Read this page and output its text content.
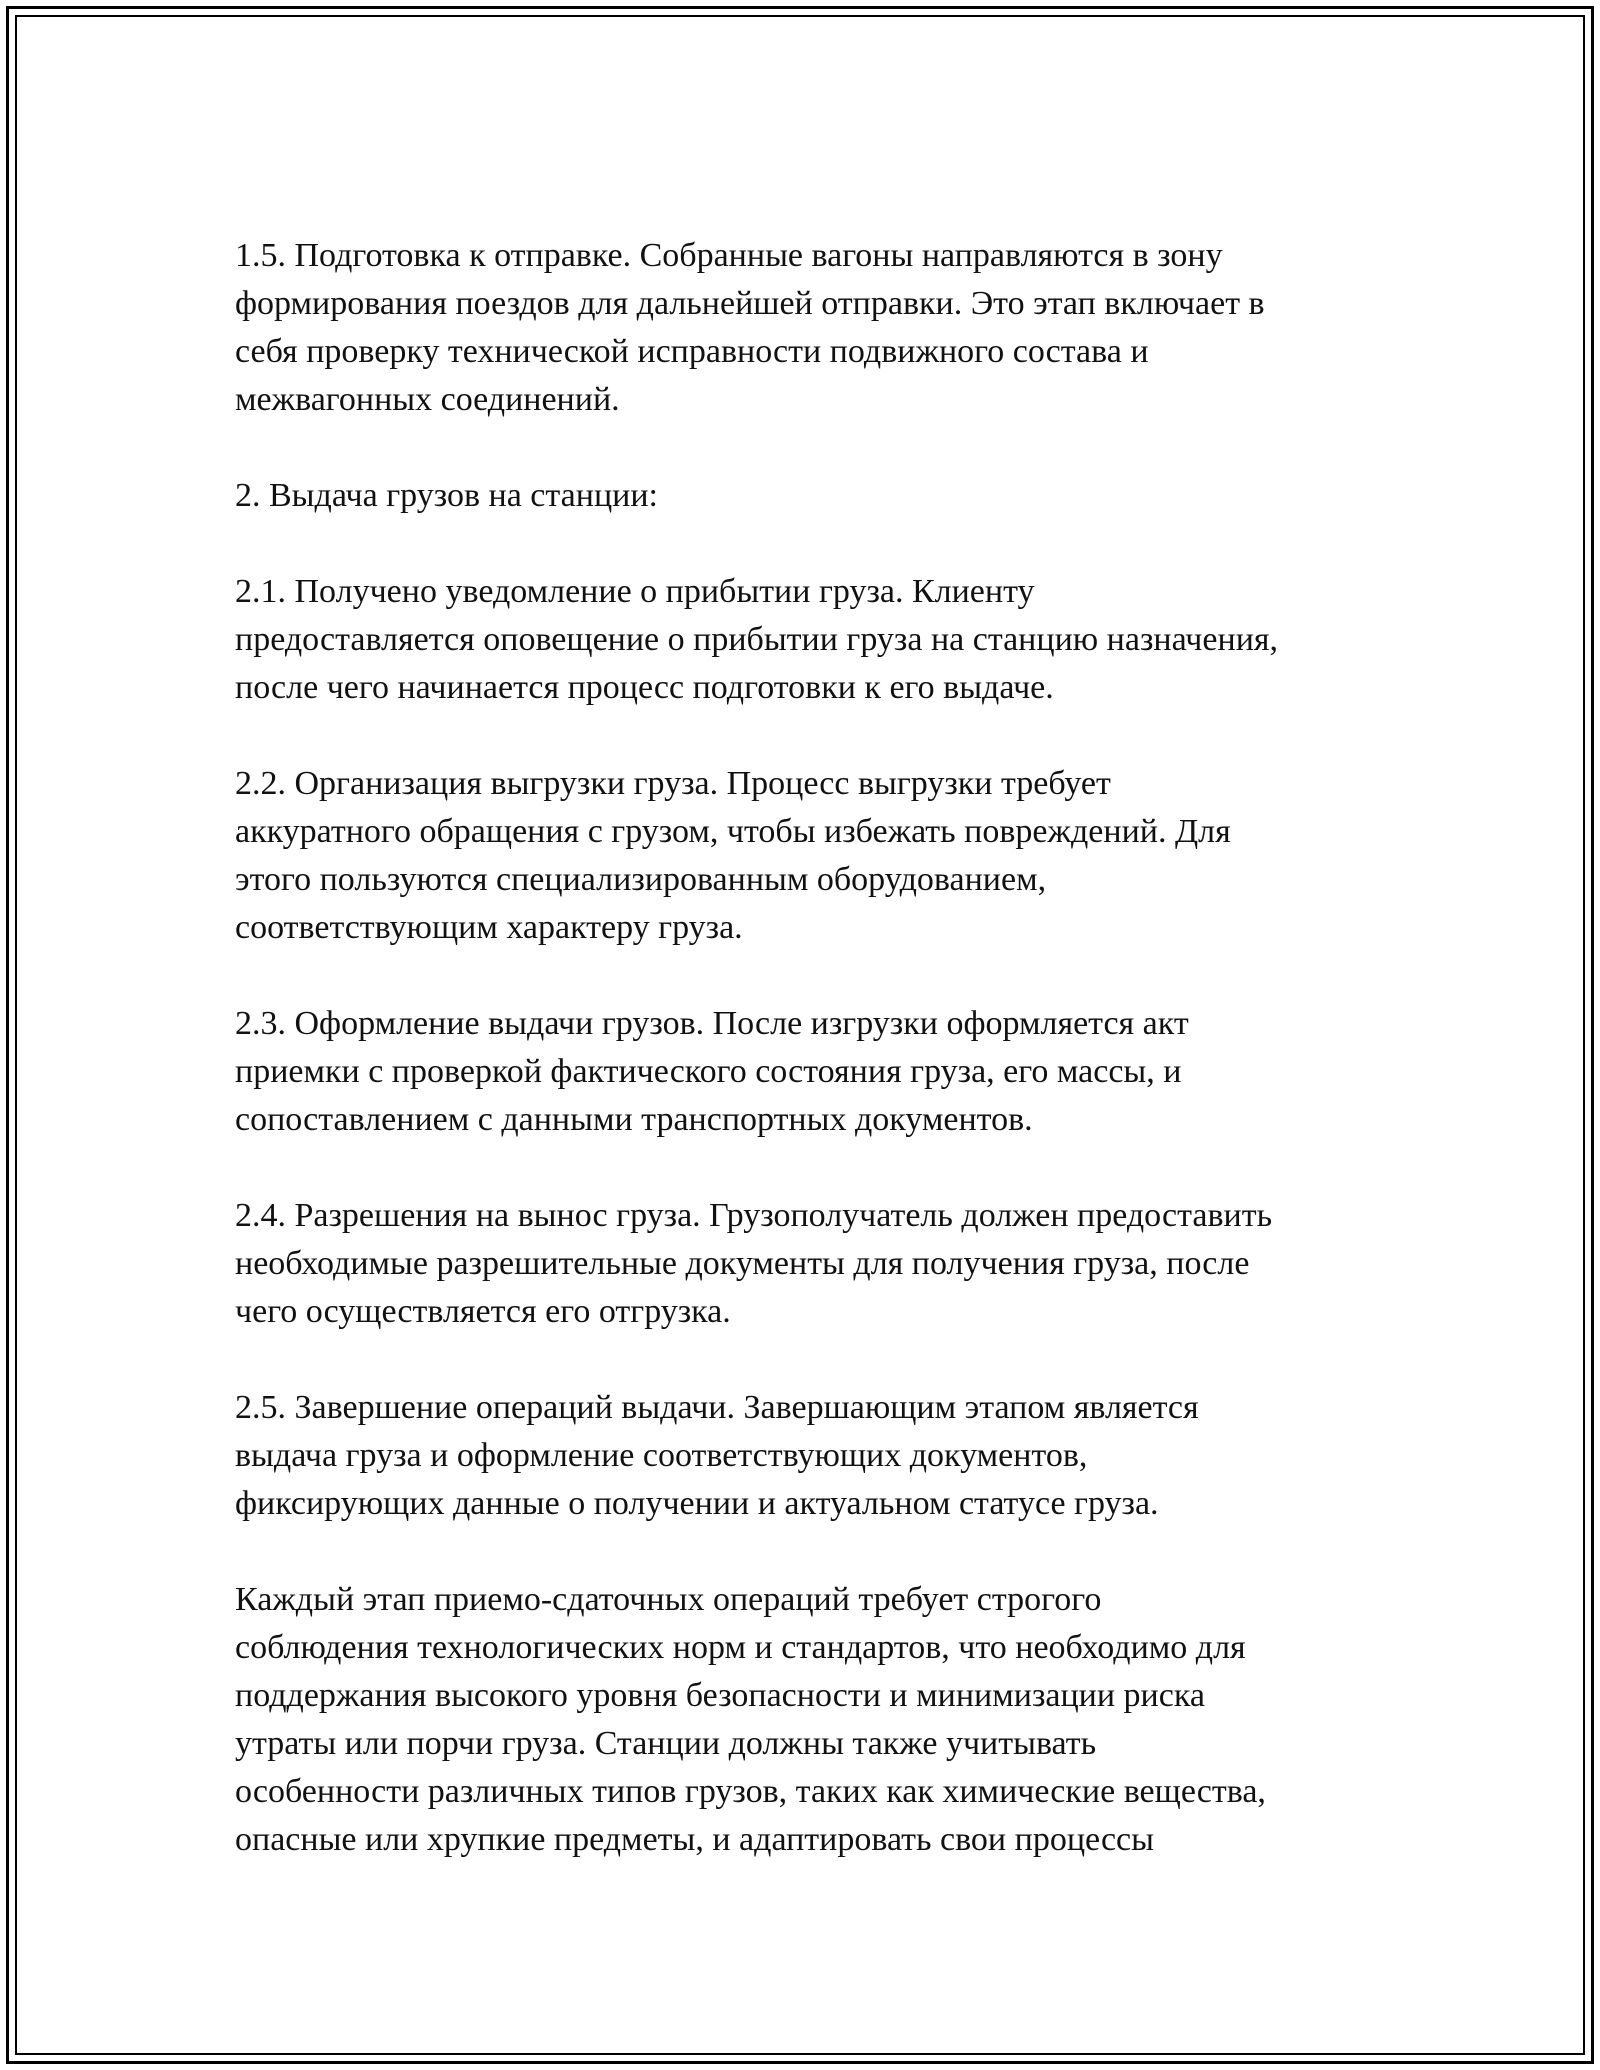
1.5. Подготовка к отправке. Собранные вагоны направляются в зону
формирования поездов для дальнейшей отправки. Это этап включает в
себя проверку технической исправности подвижного состава и
межвагонных соединений.

2. Выдача грузов на станции:

2.1. Получено уведомление о прибытии груза. Клиенту
предоставляется оповещение о прибытии груза на станцию назначения,
после чего начинается процесс подготовки к его выдаче.

2.2. Организация выгрузки груза. Процесс выгрузки требует
аккуратного обращения с грузом, чтобы избежать повреждений. Для
этого пользуются специализированным оборудованием,
соответствующим характеру груза.

2.3. Оформление выдачи грузов. После изгрузки оформляется акт
приемки с проверкой фактического состояния груза, его массы, и
сопоставлением с данными транспортных документов.

2.4. Разрешения на вынос груза. Грузополучатель должен предоставить
необходимые разрешительные документы для получения груза, после
чего осуществляется его отгрузка.

2.5. Завершение операций выдачи. Завершающим этапом является
выдача груза и оформление соответствующих документов,
фиксирующих данные о получении и актуальном статусе груза.

Каждый этап приемо-сдаточных операций требует строгого
соблюдения технологических норм и стандартов, что необходимо для
поддержания высокого уровня безопасности и минимизации риска
утраты или порчи груза. Станции должны также учитывать
особенности различных типов грузов, таких как химические вещества,
опасные или хрупкие предметы, и адаптировать свои процессы
